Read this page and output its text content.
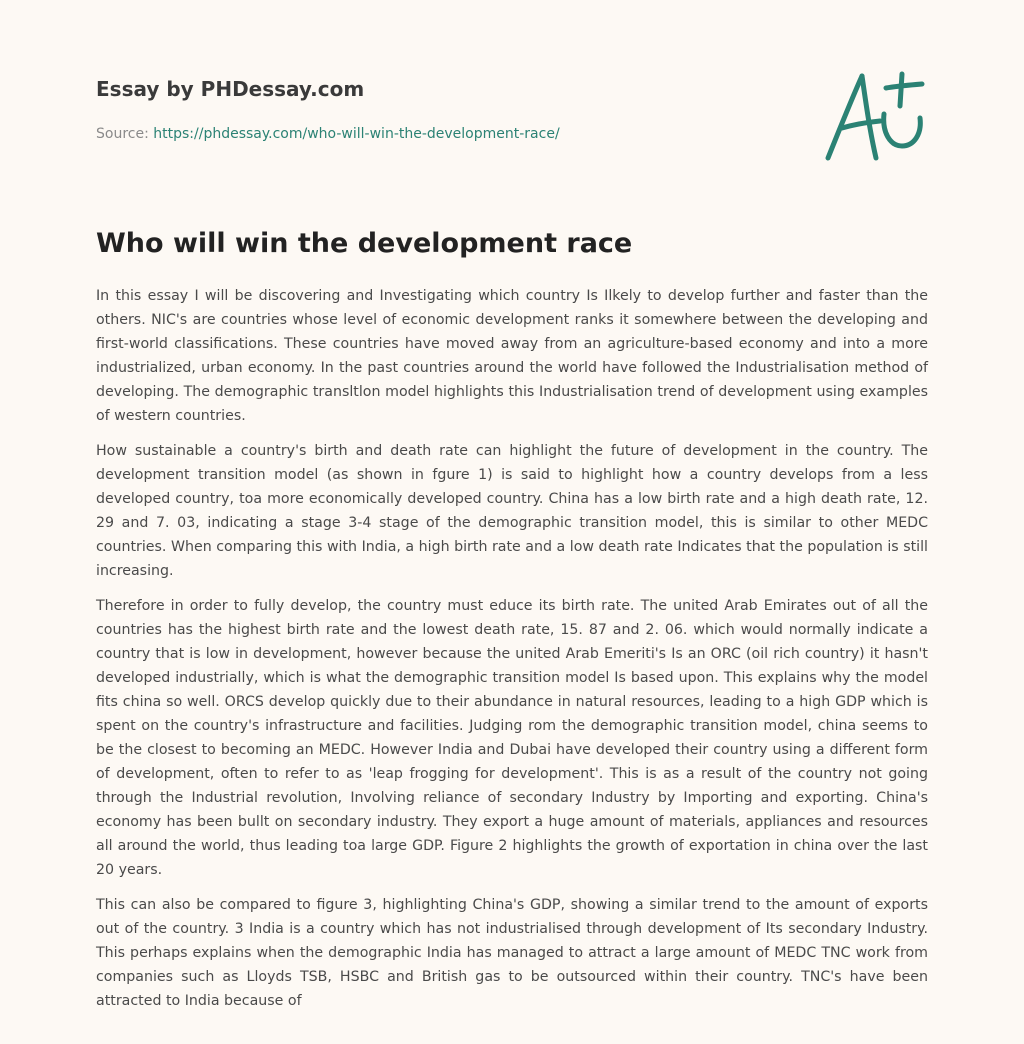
Essay by PHDessay.com
Source: https://phdessay.com/who-will-win-the-development-race/
Who will win the development race

In this essay I will be discovering and Investigating which country Is Ilkely to develop further and faster than the others. NIC's are countries whose level of economic development ranks it somewhere between the developing and first-world classifications. These countries have moved away from an agriculture-based economy and into a more industrialized, urban economy. In the past countries around the world have followed the Industrialisation method of developing. The demographic transltlon model highlights this Industrialisation trend of development using examples of western countries.

How sustainable a country's birth and death rate can highlight the future of development in the country. The development transition model (as shown in fgure 1) is said to highlight how a country develops from a less developed country, toa more economically developed country. China has a low birth rate and a high death rate, 12. 29 and 7. 03, indicating a stage 3-4 stage of the demographic transition model, this is similar to other MEDC countries. When comparing this with India, a high birth rate and a low death rate Indicates that the population is still increasing.

Therefore in order to fully develop, the country must educe its birth rate. The united Arab Emirates out of all the countries has the highest birth rate and the lowest death rate, 15. 87 and 2. 06. which would normally indicate a country that is low in development, however because the united Arab Emeriti's Is an ORC (oil rich country) it hasn't developed industrially, which is what the demographic transition model Is based upon. This explains why the model fits china so well. ORCS develop quickly due to their abundance in natural resources, leading to a high GDP which is spent on the country's infrastructure and facilities. Judging rom the demographic transition model, china seems to be the closest to becoming an MEDC. However India and Dubai have developed their country using a different form of development, often to refer to as 'leap frogging for development'. This is as a result of the country not going through the Industrial revolution, Involving reliance of secondary Industry by Importing and exporting. China's economy has been bullt on secondary industry. They export a huge amount of materials, appliances and resources all around the world, thus leading toa large GDP. Figure 2 highlights the growth of exportation in china over the last 20 years.

This can also be compared to figure 3, highlighting China's GDP, showing a similar trend to the amount of exports out of the country. 3 India is a country which has not industrialised through development of Its secondary Industry. This perhaps explains when the demographic India has managed to attract a large amount of MEDC TNC work from companies such as Lloyds TSB, HSBC and British gas to be outsourced within their country. TNC's have been attracted to India because of
